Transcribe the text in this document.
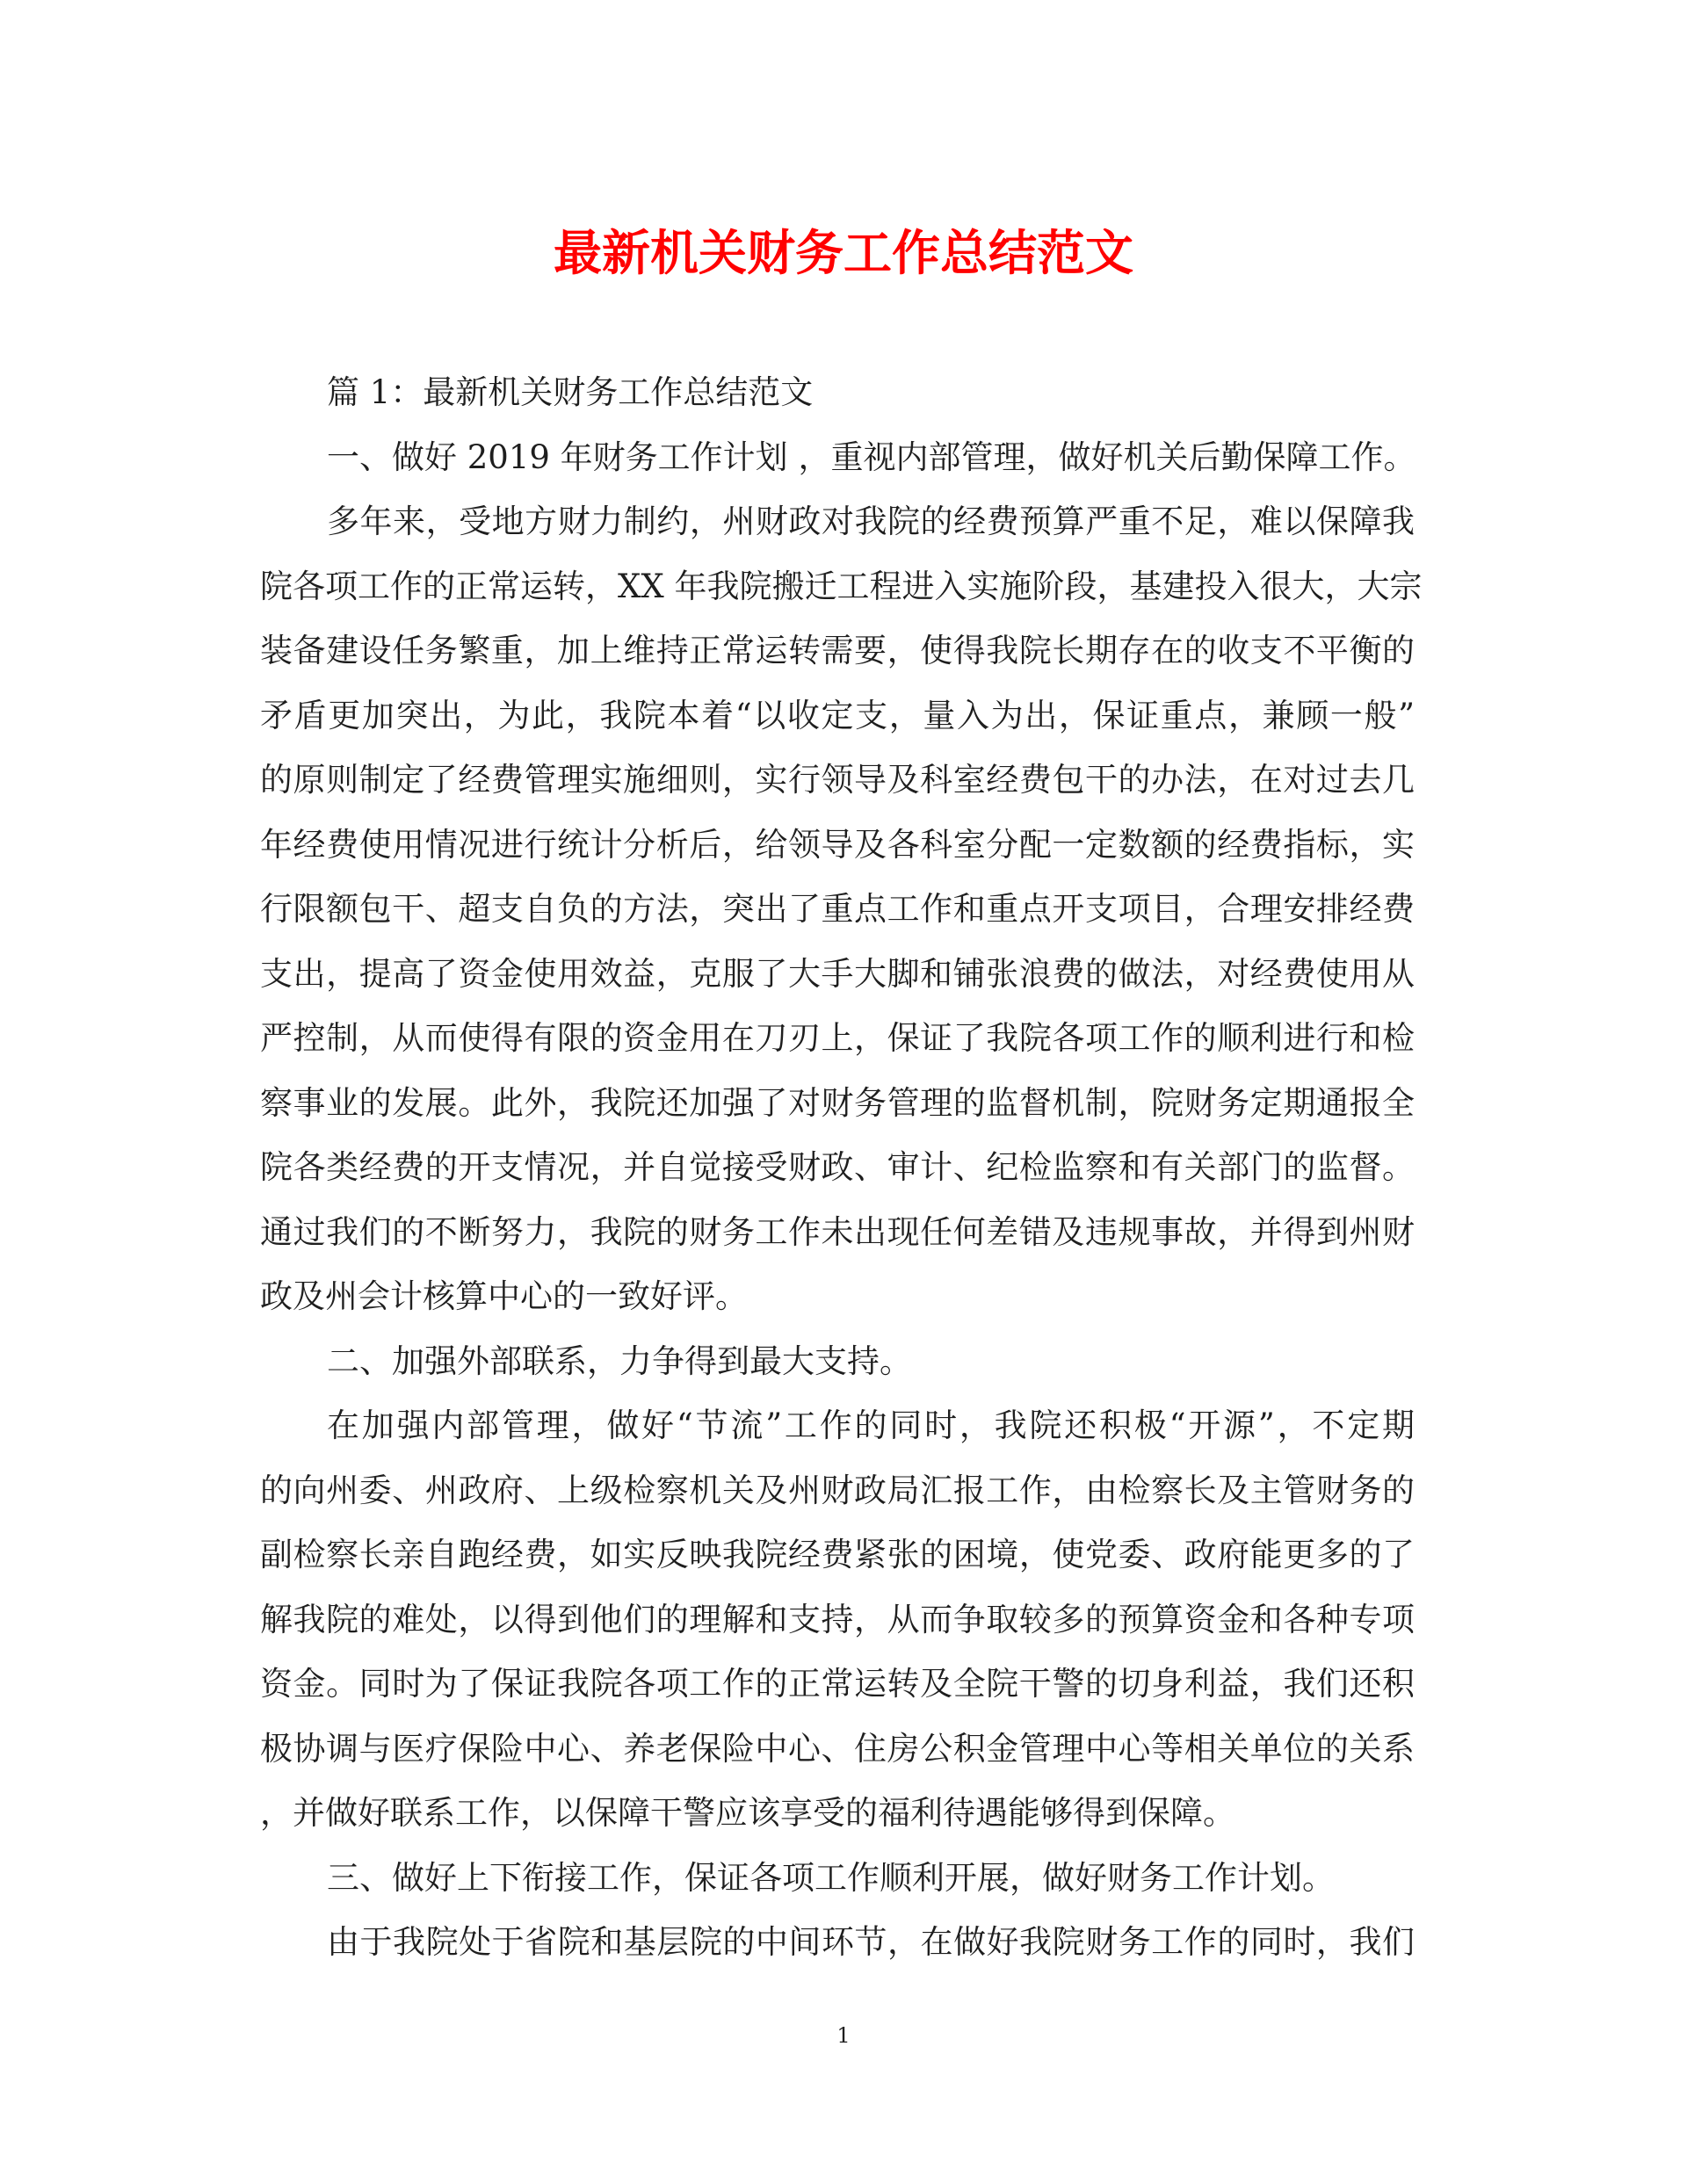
最新机关财务工作总结范文
篇 1：最新机关财务工作总结范文
一、做好 2019 年财务工作计划 ，重视内部管理，做好机关后勤保障工作。
多年来，受地方财力制约，州财政对我院的经费预算严重不足，难以保障我
院各项工作的正常运转，XX 年我院搬迁工程进入实施阶段，基建投入很大，大宗
装备建设任务繁重，加上维持正常运转需要，使得我院长期存在的收支不平衡的
矛盾更加突出，为此，我院本着“以收定支，量入为出，保证重点，兼顾一般”
的原则制定了经费管理实施细则，实行领导及科室经费包干的办法，在对过去几
年经费使用情况进行统计分析后，给领导及各科室分配一定数额的经费指标，实
行限额包干、超支自负的方法，突出了重点工作和重点开支项目，合理安排经费
支出，提高了资金使用效益，克服了大手大脚和铺张浪费的做法，对经费使用从
严控制，从而使得有限的资金用在刀刃上，保证了我院各项工作的顺利进行和检
察事业的发展。此外，我院还加强了对财务管理的监督机制，院财务定期通报全
院各类经费的开支情况，并自觉接受财政、审计、纪检监察和有关部门的监督。
通过我们的不断努力，我院的财务工作未出现任何差错及违规事故，并得到州财
政及州会计核算中心的一致好评。
二、加强外部联系，力争得到最大支持。
在加强内部管理，做好“节流”工作的同时，我院还积极“开源”，不定期
的向州委、州政府、上级检察机关及州财政局汇报工作，由检察长及主管财务的
副检察长亲自跑经费，如实反映我院经费紧张的困境，使党委、政府能更多的了
解我院的难处，以得到他们的理解和支持，从而争取较多的预算资金和各种专项
资金。同时为了保证我院各项工作的正常运转及全院干警的切身利益，我们还积
极协调与医疗保险中心、养老保险中心、住房公积金管理中心等相关单位的关系
，并做好联系工作，以保障干警应该享受的福利待遇能够得到保障。
三、做好上下衔接工作，保证各项工作顺利开展，做好财务工作计划。
由于我院处于省院和基层院的中间环节，在做好我院财务工作的同时，我们
1
